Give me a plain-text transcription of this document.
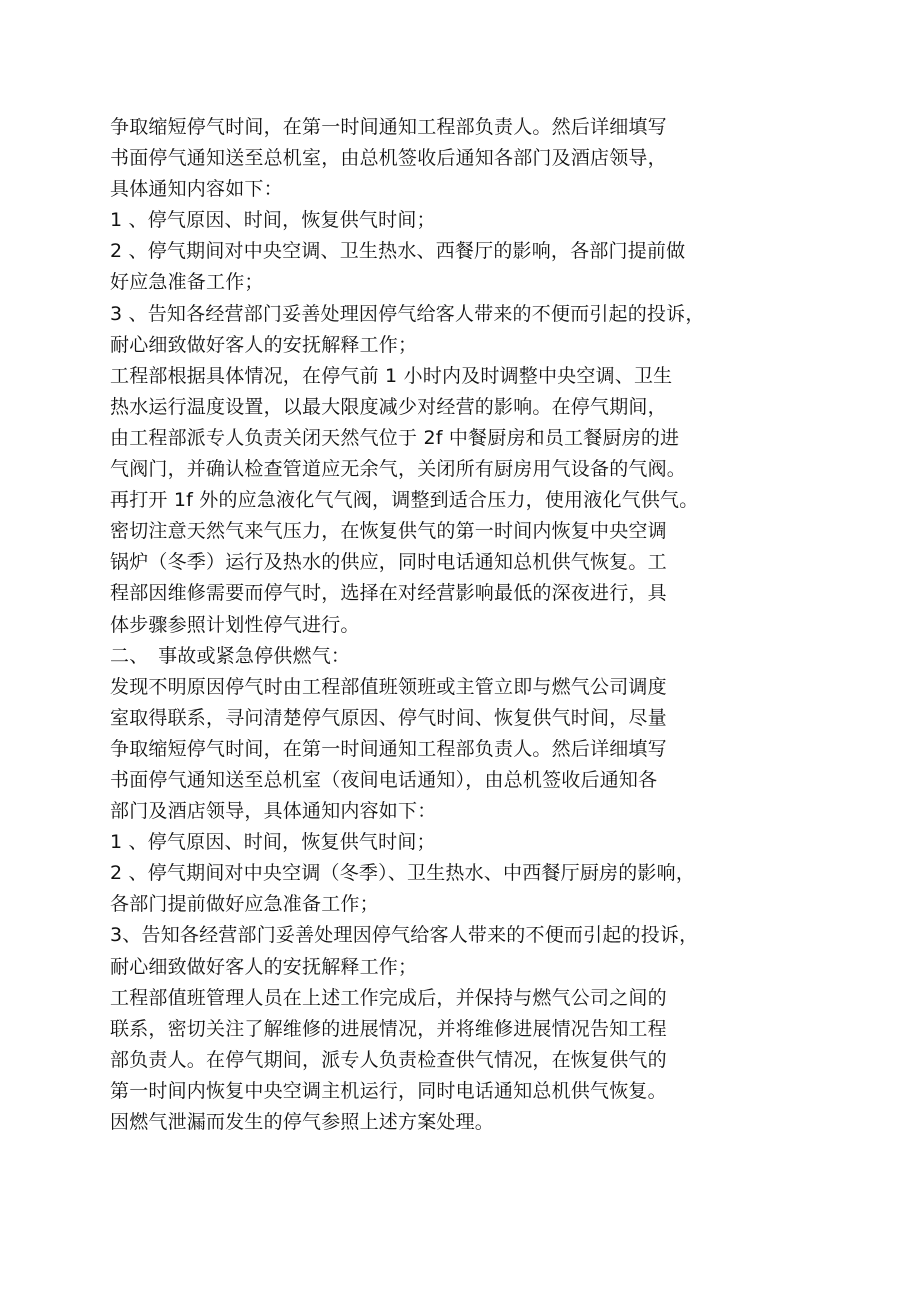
争取缩短停气时间，在第一时间通知工程部负责人。然后详细填写
书面停气通知送至总机室，由总机签收后通知各部门及酒店领导，
具体通知内容如下：
1 、停气原因、时间，恢复供气时间；
2 、停气期间对中央空调、卫生热水、西餐厅的影响，各部门提前做
好应急准备工作；
3 、告知各经营部门妥善处理因停气给客人带来的不便而引起的投诉，
耐心细致做好客人的安抚解释工作；
工程部根据具体情况，在停气前 1 小时内及时调整中央空调、卫生
热水运行温度设置，以最大限度减少对经营的影响。在停气期间，
由工程部派专人负责关闭天然气位于 2f 中餐厨房和员工餐厨房的进
气阀门，并确认检查管道应无余气，关闭所有厨房用气设备的气阀。
再打开 1f 外的应急液化气气阀，调整到适合压力，使用液化气供气。
密切注意天然气来气压力，在恢复供气的第一时间内恢复中央空调
锅炉（冬季）运行及热水的供应，同时电话通知总机供气恢复。工
程部因维修需要而停气时，选择在对经营影响最低的深夜进行，具
体步骤参照计划性停气进行。
二、　事故或紧急停供燃气：
发现不明原因停气时由工程部值班领班或主管立即与燃气公司调度
室取得联系，寻问清楚停气原因、停气时间、恢复供气时间，尽量
争取缩短停气时间，在第一时间通知工程部负责人。然后详细填写
书面停气通知送至总机室（夜间电话通知），由总机签收后通知各
部门及酒店领导，具体通知内容如下：
1 、停气原因、时间，恢复供气时间；
2 、停气期间对中央空调（冬季）、卫生热水、中西餐厅厨房的影响，
各部门提前做好应急准备工作；
3、告知各经营部门妥善处理因停气给客人带来的不便而引起的投诉，
耐心细致做好客人的安抚解释工作；
工程部值班管理人员在上述工作完成后，并保持与燃气公司之间的
联系，密切关注了解维修的进展情况，并将维修进展情况告知工程
部负责人。在停气期间，派专人负责检查供气情况，在恢复供气的
第一时间内恢复中央空调主机运行，同时电话通知总机供气恢复。
因燃气泄漏而发生的停气参照上述方案处理。
